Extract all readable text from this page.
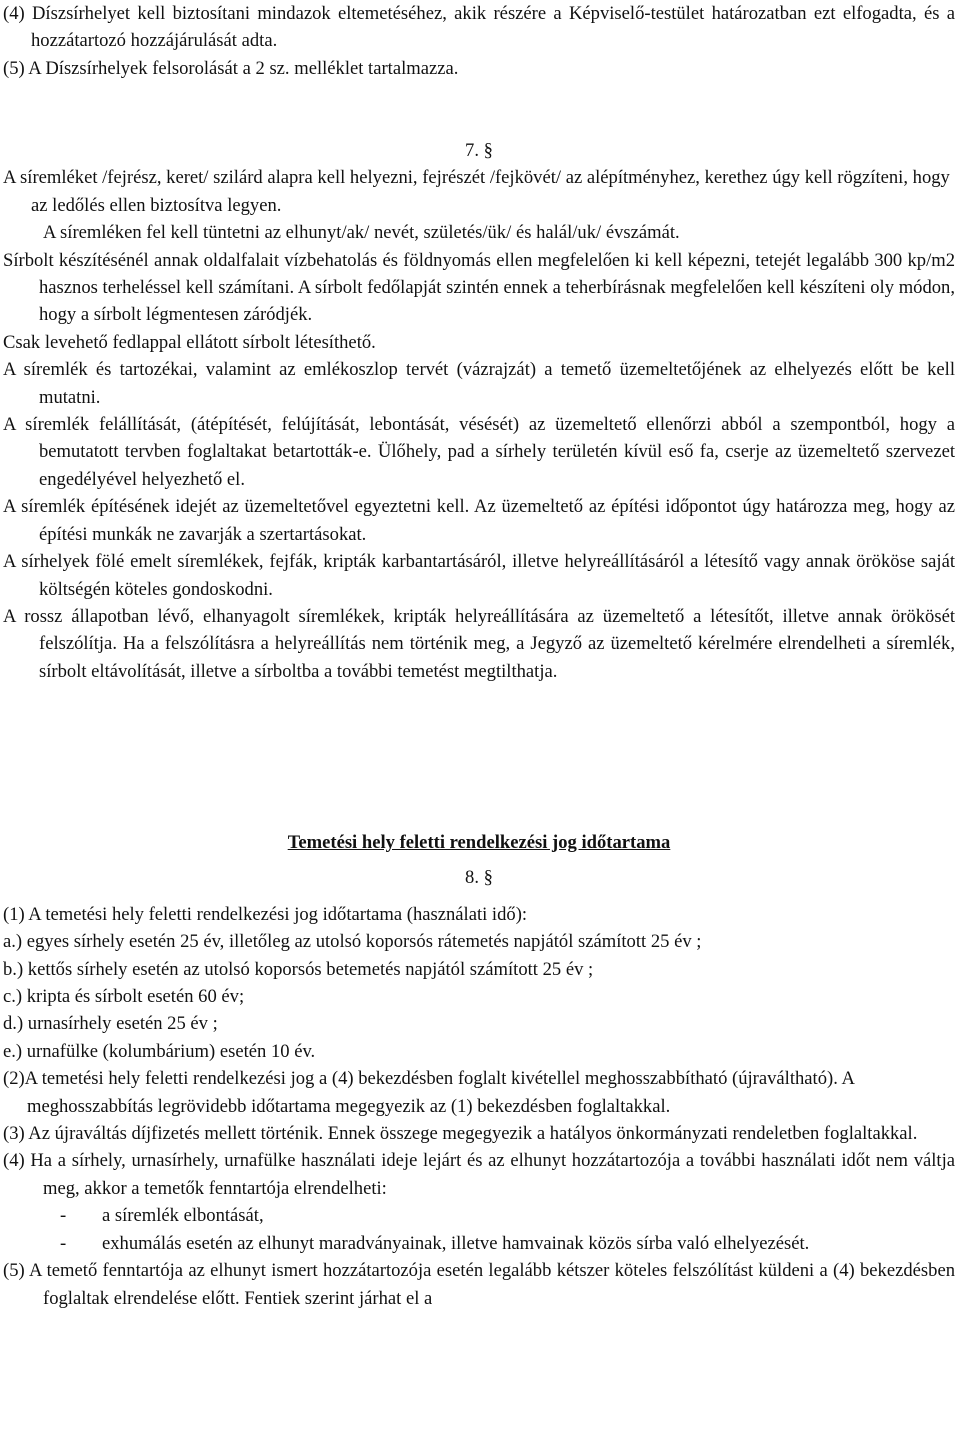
(4) Díszsírhelyet kell biztosítani mindazok eltemetéséhez, akik részére a Képviselő-testület határozatban ezt elfogadta, és a hozzátartozó hozzájárulását adta.

(5) A Díszsírhelyek felsorolását a 2 sz. melléklet tartalmazza.

7. §

A síremléket /fejrész, keret/ szilárd alapra kell helyezni, fejrészét /fejkövét/ az alépítményhez, kerethez úgy kell rögzíteni, hogy az ledőlés ellen biztosítva legyen.

A síremléken fel kell tüntetni az elhunyt/ak/ nevét, születés/ük/ és halál/uk/ évszámát.

Sírbolt készítésénél annak oldalfalait vízbehatolás és földnyomás ellen megfelelően ki kell képezni, tetejét legalább 300 kp/m2 hasznos terheléssel kell számítani. A sírbolt fedőlapját szintén ennek a teherbírásnak megfelelően kell készíteni oly módon, hogy a sírbolt légmentesen záródjék.

Csak levehető fedlappal ellátott sírbolt létesíthető.

A síremlék és tartozékai, valamint az emlékoszlop tervét (vázrajzát) a temető üzemeltetőjének az elhelyezés előtt be kell mutatni.

A síremlék felállítását, (átépítését, felújítását, lebontását, vésését) az üzemeltető ellenőrzi abból a szempontból, hogy a bemutatott tervben foglaltakat betartották-e. Ülőhely, pad a sírhely területén kívül eső fa, cserje az üzemeltető szervezet engedélyével helyezhető el.

A síremlék építésének idejét az üzemeltetővel egyeztetni kell. Az üzemeltető az építési időpontot úgy határozza meg, hogy az építési munkák ne zavarják a szertartásokat.

A sírhelyek fölé emelt síremlékek, fejfák, kripták karbantartásáról, illetve helyreállításáról a létesítő vagy annak örököse saját költségén köteles gondoskodni.

A rossz állapotban lévő, elhanyagolt síremlékek, kripták helyreállítására az üzemeltető a létesítőt, illetve annak örökösét felszólítja. Ha a felszólításra a helyreállítás nem történik meg, a Jegyző az üzemeltető kérelmére elrendelheti a síremlék, sírbolt eltávolítását, illetve a sírboltba a további temetést megtilthatja.

Temetési hely feletti rendelkezési jog időtartama

8. §

(1) A temetési hely feletti rendelkezési jog időtartama (használati idő):

a.) egyes sírhely esetén 25 év, illetőleg az utolsó koporsós rátemetés napjától számított 25 év ;

b.) kettős sírhely esetén az utolsó koporsós betemetés napjától számított 25 év ;

c.) kripta és sírbolt esetén 60 év;

d.) urnasírhely esetén 25 év ;

e.) urnafülke (kolumbárium) esetén 10 év.

(2)A temetési hely feletti rendelkezési jog a (4) bekezdésben foglalt kivétellel meghosszabbítható (újraváltható). A meghosszabbítás legrövidebb időtartama megegyezik az (1) bekezdésben foglaltakkal.

(3) Az újraváltás díjfizetés mellett történik. Ennek összege megegyezik a hatályos önkormányzati rendeletben foglaltakkal.

(4) Ha a sírhely, urnasírhely, urnafülke használati ideje lejárt és az elhunyt hozzátartozója a további használati időt nem váltja meg, akkor a temetők fenntartója elrendelheti:

- a síremlék elbontását,

- exhumálás esetén az elhunyt maradványainak, illetve hamvainak közös sírba való elhelyezését.

(5) A temető fenntartója az elhunyt ismert hozzátartozója esetén legalább kétszer köteles felszólítást küldeni a (4) bekezdésben foglaltak elrendelése előtt. Fentiek szerint járhat el a
